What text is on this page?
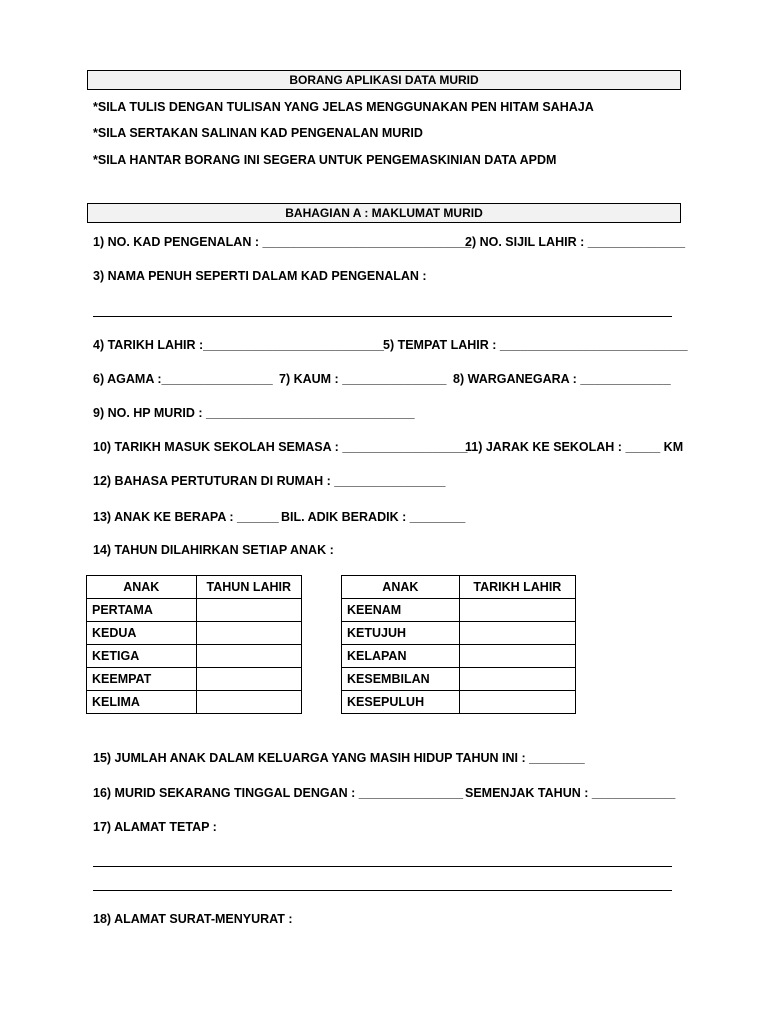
BORANG APLIKASI DATA MURID
*SILA TULIS DENGAN TULISAN YANG JELAS MENGGUNAKAN PEN HITAM SAHAJA
*SILA SERTAKAN SALINAN KAD PENGENALAN MURID
*SILA HANTAR BORANG INI SEGERA UNTUK PENGEMASKINIAN DATA APDM
BAHAGIAN A : MAKLUMAT MURID
1) NO. KAD PENGENALAN : ______________________________
2) NO. SIJIL LAHIR : ______________
3) NAMA PENUH SEPERTI DALAM KAD PENGENALAN :
4) TARIKH LAHIR :__________________________ 5) TEMPAT LAHIR : ___________________________
6) AGAMA :________________ 7) KAUM : _______________ 8) WARGANEGARA : _____________
9) NO. HP MURID : ______________________________
10) TARIKH MASUK SEKOLAH SEMASA : __________________
11) JARAK KE SEKOLAH : _____ KM
12) BAHASA PERTUTURAN DI RUMAH : ________________
13) ANAK KE BERAPA : ______ BIL. ADIK BERADIK : ________
14) TAHUN DILAHIRKAN SETIAP ANAK :
ANAK	TAHUN LAHIR
PERTAMA	
KEDUA	
KETIGA	
KEEMPAT	
KELIMA	
ANAK	TARIKH LAHIR
KEENAM	
KETUJUH	
KELAPAN	
KESEMBILAN	
KESEPULUH	
15) JUMLAH ANAK DALAM KELUARGA YANG MASIH HIDUP TAHUN INI : ________
16) MURID SEKARANG TINGGAL DENGAN : _______________ SEMENJAK TAHUN : ____________
17) ALAMAT TETAP :
18) ALAMAT SURAT-MENYURAT :
